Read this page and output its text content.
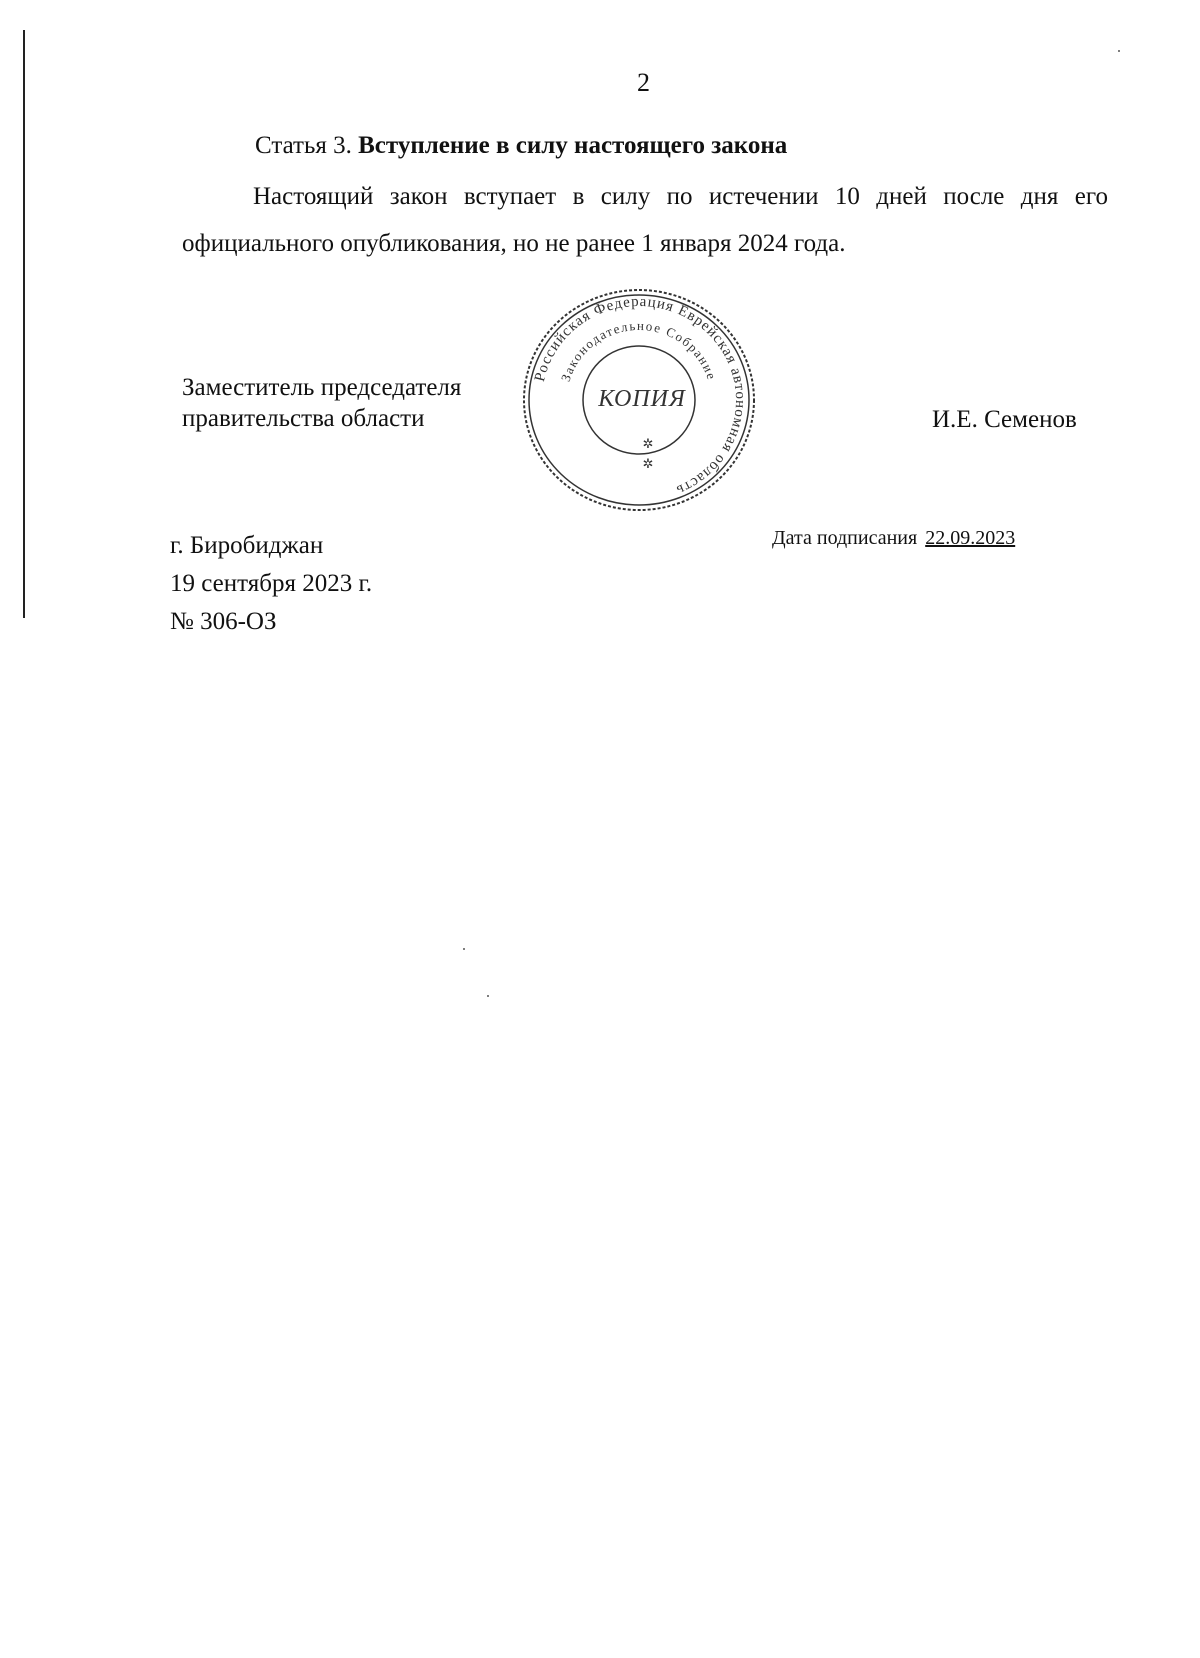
2
Статья 3. Вступление в силу настоящего закона
Настоящий закон вступает в силу по истечении 10 дней после дня его
официального опубликования, но не ранее 1 января 2024 года.
Заместитель председателя
правительства области
Российская Федерация Еврейская автономная область
Законодательное Собрание
КОПИЯ
✲
✲
И.Е. Семенов
г. Биробиджан
19 сентября 2023 г.
№ 306-ОЗ
Дата подписания 22.09.2023
